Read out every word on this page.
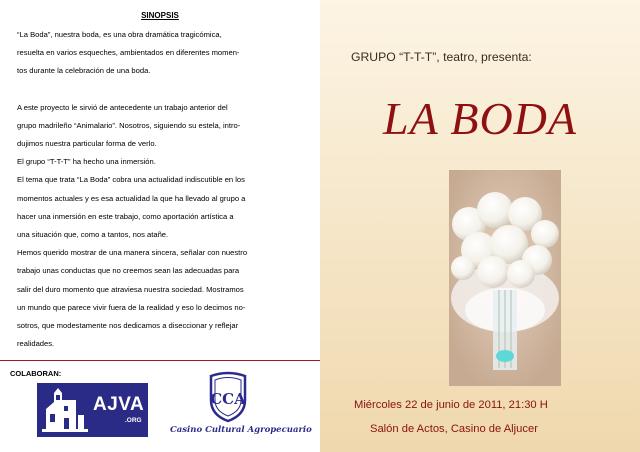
SINOPSIS

“La Boda”, nuestra boda, es una obra dramática tragicómica,

resuelta en varios esqueches, ambientados en diferentes momen-

tos durante la celebración de una boda.

A este proyecto le sirvió de antecedente un trabajo anterior del

grupo madrileño “Animalario”. Nosotros, siguiendo su estela, intro-

dujimos nuestra particular forma de verlo.

El grupo “T-T-T” ha hecho una inmersión.

El tema que trata “La Boda” cobra una actualidad indiscutible en los

momentos actuales y es esa actualidad la que ha llevado al grupo a

hacer una inmersión en este trabajo, como aportación artística a

una situación que, como a tantos, nos atañe.

Hemos querido mostrar de una manera sincera, señalar con nuestro

trabajo unas conductas que no creemos sean las adecuadas para

salir del duro momento que atraviesa nuestra sociedad. Mostramos

un mundo que parece vivir fuera de la realidad y eso lo decimos no-

sotros, que modestamente nos dedicamos a diseccionar y reflejar

realidades.

COLABORAN:
AJVA
.ORG
CCA
Casino Cultural Agropecuario
GRUPO “T-T-T”, teatro, presenta:
LA BODA
Miércoles 22 de junio de 2011, 21:30 H
Salón de Actos, Casino de Aljucer
